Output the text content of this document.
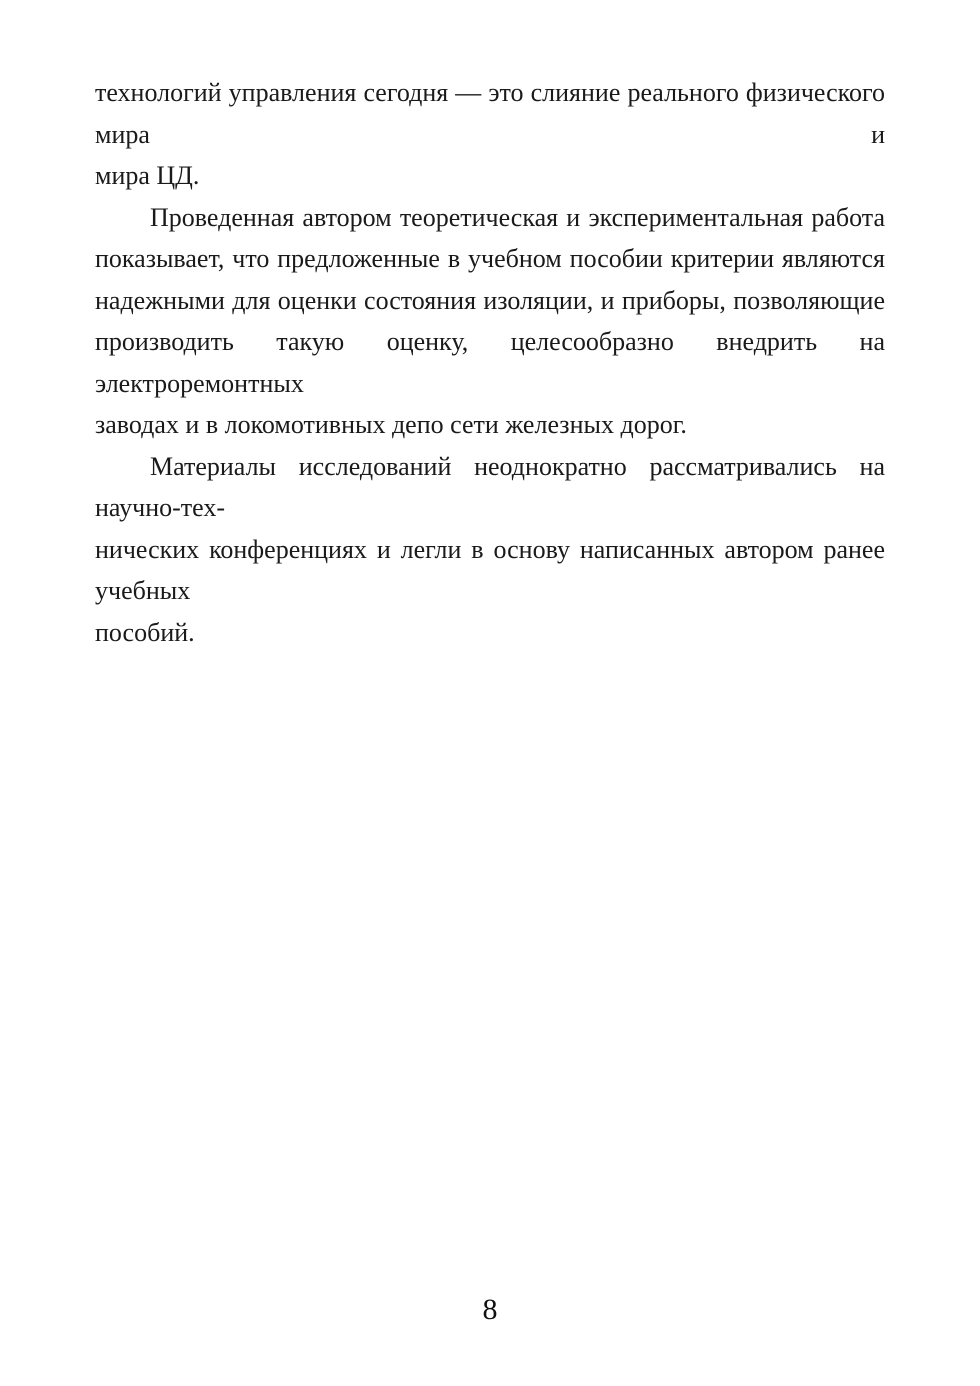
технологий управления сегодня — это слияние реального физического мира и
мира ЦД.
Проведенная автором теоретическая и экспериментальная работа
показывает, что предложенные в учебном пособии критерии являются
надежными для оценки состояния изоляции, и приборы, позволяющие
производить такую оценку, целесообразно внедрить на электроремонтных
заводах и в локомотивных депо сети железных дорог.
Материалы исследований неоднократно рассматривались на научно-тех-
нических конференциях и легли в основу написанных автором ранее учебных
пособий.
8
